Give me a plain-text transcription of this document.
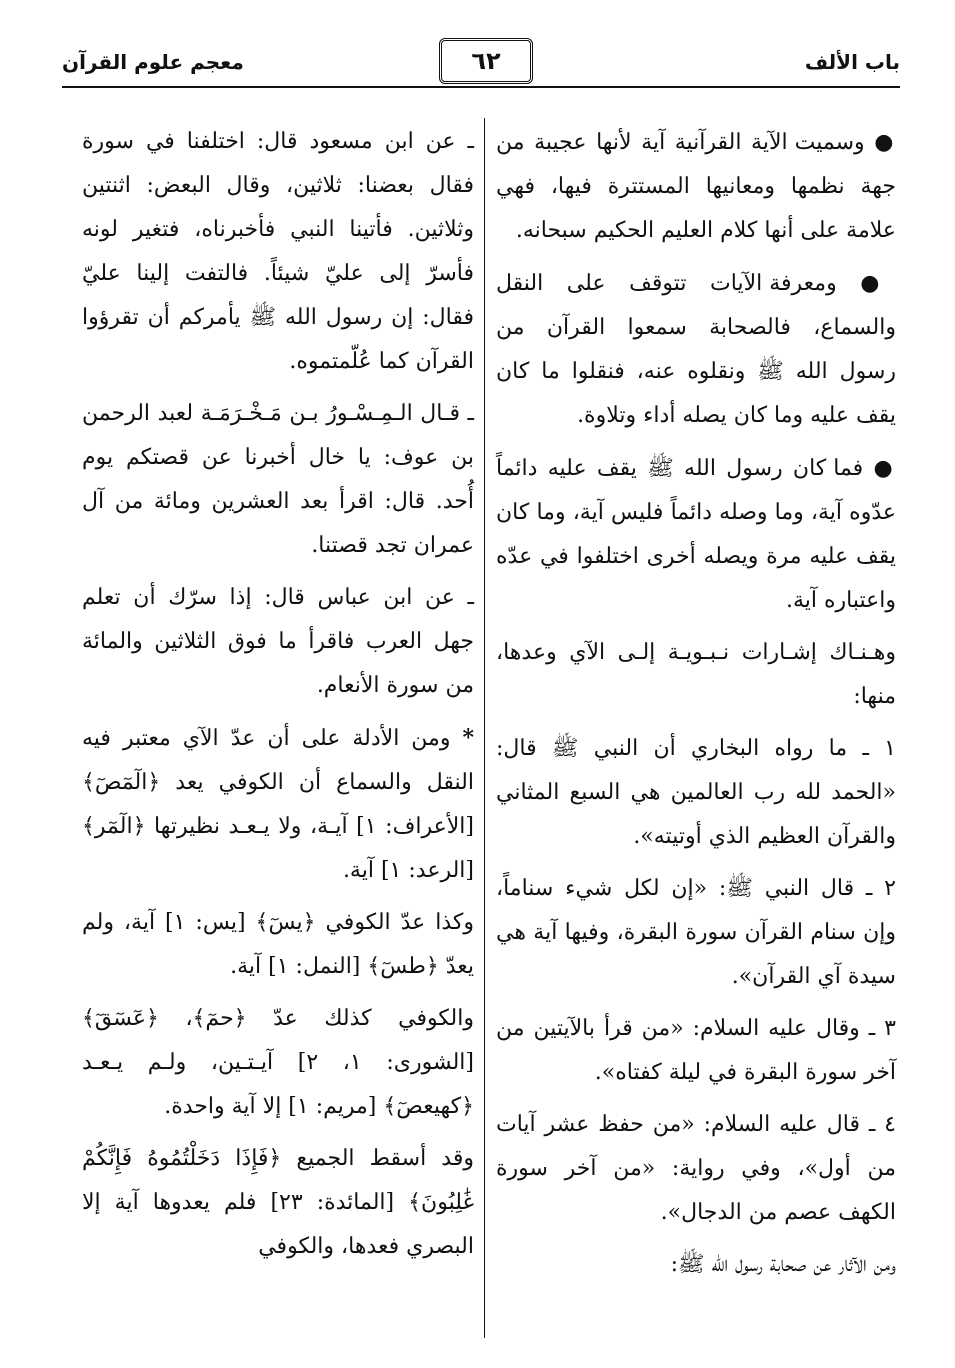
باب الألف
٦٢
معجم علوم القرآن

● وسميت الآية القرآنية آية لأنها عجيبة من جهة نظمها ومعانيها المستترة فيها، فهي علامة على أنها كلام العليم الحكيم سبحانه.

● ومعرفة الآيات تتوقف على النقل والسماع، فالصحابة سمعوا القرآن من رسول الله ﷺ ونقلوه عنه، فنقلوا ما كان يقف عليه وما كان يصله أداء وتلاوة.

● فما كان رسول الله ﷺ يقف عليه دائماً عدّوه آية، وما وصله دائماً فليس آية، وما كان يقف عليه مرة ويصله أخرى اختلفوا في عدّه واعتباره آية.

وهـنـاك إشـارات نـبـويـة إلـى الآي وعدها، منها:

١ ـ ما رواه البخاري أن النبي ﷺ قال: «الحمد لله رب العالمين هي السبع المثاني والقرآن العظيم الذي أوتيته».

٢ ـ قال النبي ﷺ: «إن لكل شيء سناماً، وإن سنام القرآن سورة البقرة، وفيها آية هي سيدة آي القرآن».

٣ ـ وقال عليه السلام: «من قرأ بالآيتين من آخر سورة البقرة في ليلة كفتاه».

٤ ـ قال عليه السلام: «من حفظ عشر آيات من أول»، وفي رواية: «من آخر سورة الكهف عصم من الدجال».

ومن الآثار عن صحابة رسول الله ﷺ:

ـ عن ابن مسعود قال: اختلفنا في سورة فقال بعضنا: ثلاثين، وقال البعض: اثنتين وثلاثين. فأتينا النبي فأخبرناه، فتغير لونه فأسرّ إلى عليّ شيئاً. فالتفت إلينا عليّ فقال: إن رسول الله ﷺ يأمركم أن تقرؤوا القرآن كما عُلّمتموه.

ـ قـال الـمِـسْـورُ بـن مَـخْـرَمَـة لعبد الرحمن بن عوف: يا خال أخبرنا عن قصتكم يوم أُحد. قال: اقرأ بعد العشرين ومائة من آل عمران تجد قصتنا.

ـ عن ابن عباس قال: إذا سرّك أن تعلم جهل العرب فاقرأ ما فوق الثلاثين والمائة من سورة الأنعام.

* ومن الأدلة على أن عدّ الآي معتبر فيه النقل والسماع أن الكوفي يعد ﴿الٓمٓصٓ﴾ [الأعراف: ١] آيـة، ولا يـعـد نظيرتها ﴿الٓمٓر﴾ [الرعد: ١] آية.

وكذا عدّ الكوفي ﴿يسٓ﴾ [يس: ١] آية، ولم يعدّ ﴿طسٓ﴾ [النمل: ١] آية.

والكوفي كذلك عدّ ﴿حمٓ﴾، ﴿عٓسٓقٓ﴾ [الشورى: ١، ٢] آيـتـين، ولـم يـعـد ﴿كهيعصٓ﴾ [مريم: ١] إلا آية واحدة.

وقد أسقط الجميع ﴿فَإِذَا دَخَلْتُمُوهُ فَإِنَّكُمْ غَٰلِبُونَ﴾ [المائدة: ٢٣] فلم يعدوها آية إلا البصري فعدها، والكوفي
